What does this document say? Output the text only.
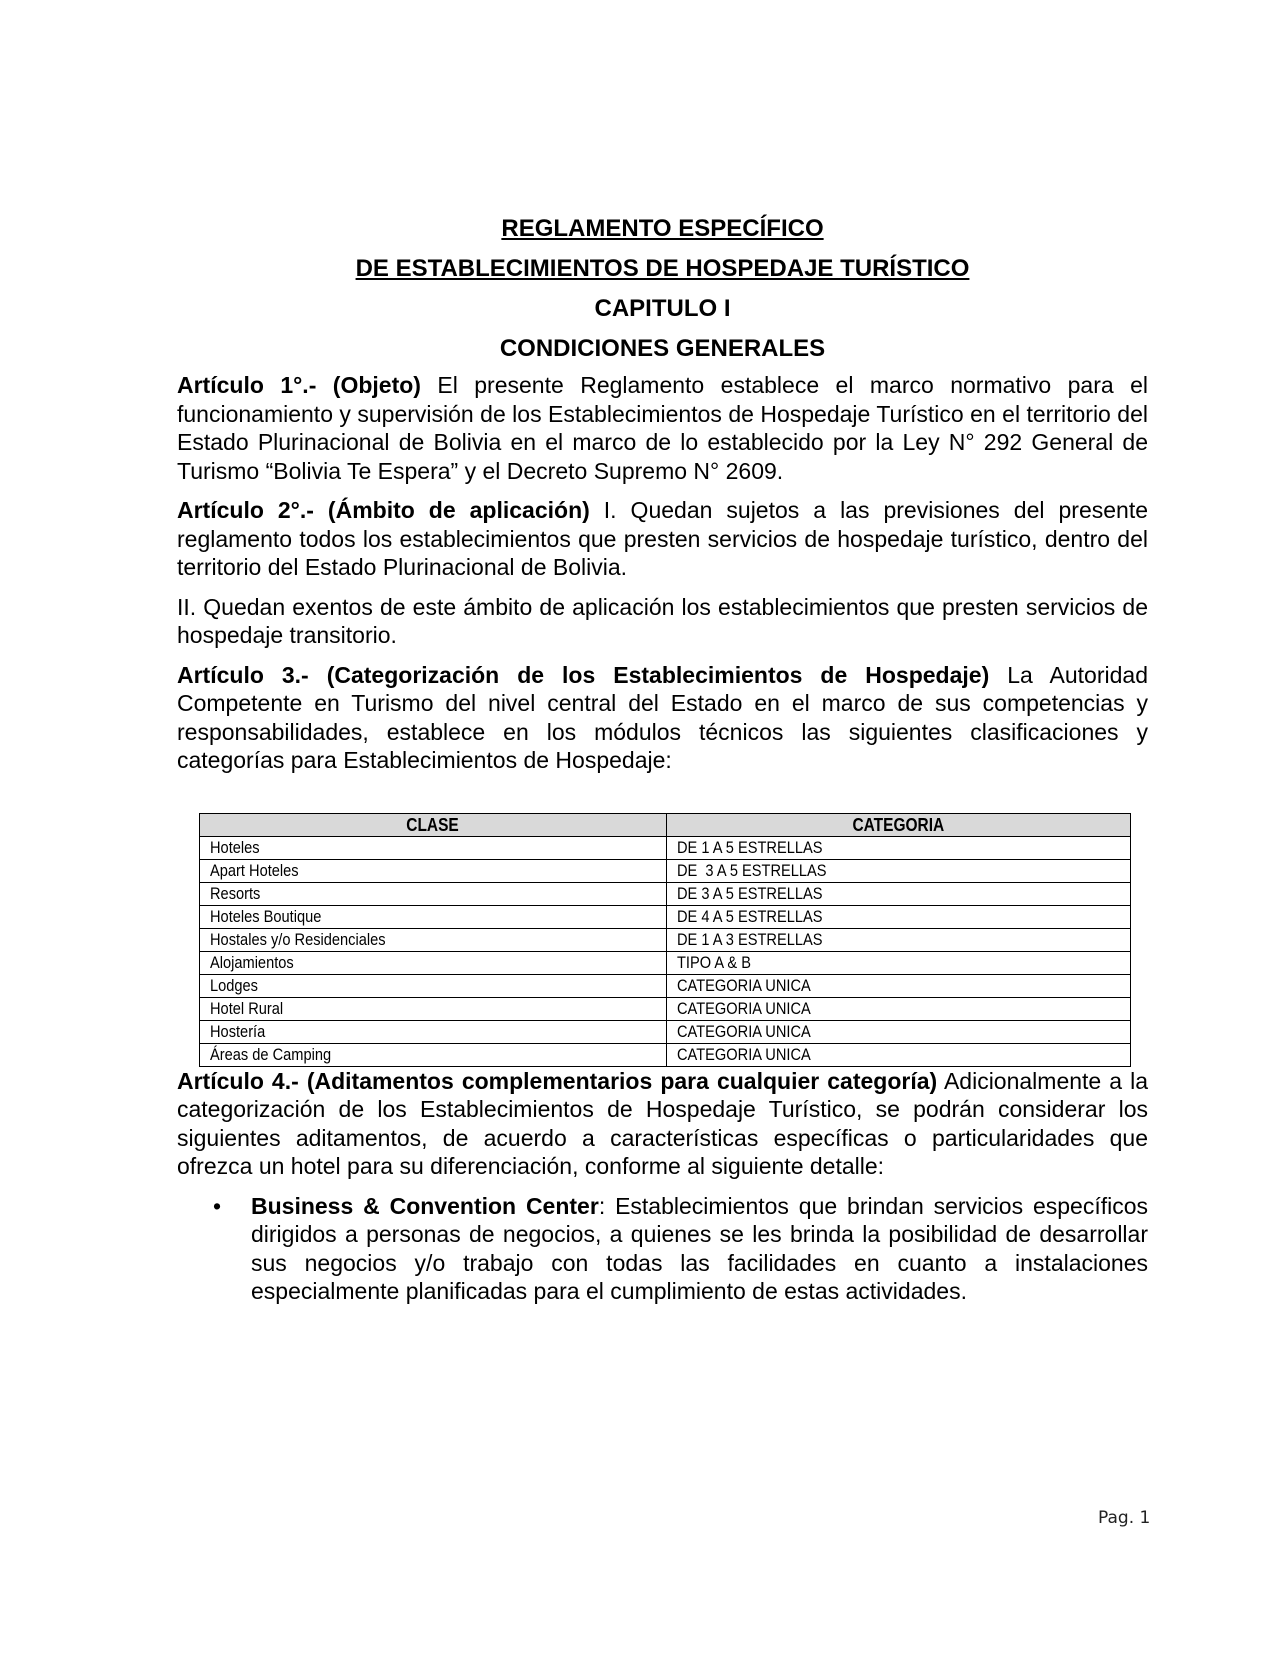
REGLAMENTO ESPECÍFICO
DE ESTABLECIMIENTOS DE HOSPEDAJE TURÍSTICO
CAPITULO I
CONDICIONES GENERALES

Artículo 1°.- (Objeto) El presente Reglamento establece el marco normativo para el funcionamiento y supervisión de los Establecimientos de Hospedaje Turístico en el territorio del Estado Plurinacional de Bolivia en el marco de lo establecido por la Ley N° 292 General de Turismo “Bolivia Te Espera” y el Decreto Supremo N° 2609.

Artículo 2°.- (Ámbito de aplicación) I. Quedan sujetos a las previsiones del presente reglamento todos los establecimientos que presten servicios de hospedaje turístico, dentro del territorio del Estado Plurinacional de Bolivia.

II. Quedan exentos de este ámbito de aplicación los establecimientos que presten servicios de hospedaje transitorio.

Artículo 3.- (Categorización de los Establecimientos de Hospedaje) La Autoridad Competente en Turismo del nivel central del Estado en el marco de sus competencias y responsabilidades, establece en los módulos técnicos las siguientes clasificaciones y categorías para Establecimientos de Hospedaje:

CLASE	CATEGORIA
Hoteles	DE 1 A 5 ESTRELLAS
Apart Hoteles	DE  3 A 5 ESTRELLAS
Resorts	DE 3 A 5 ESTRELLAS
Hoteles Boutique	DE 4 A 5 ESTRELLAS
Hostales y/o Residenciales	DE 1 A 3 ESTRELLAS
Alojamientos	TIPO A & B
Lodges	CATEGORIA UNICA
Hotel Rural	CATEGORIA UNICA
Hostería	CATEGORIA UNICA
Áreas de Camping	CATEGORIA UNICA

Artículo 4.- (Aditamentos complementarios para cualquier categoría) Adicionalmente a la categorización de los Establecimientos de Hospedaje Turístico, se podrán considerar los siguientes aditamentos, de acuerdo a características específicas o particularidades que ofrezca un hotel para su diferenciación, conforme al siguiente detalle:

• Business & Convention Center: Establecimientos que brindan servicios específicos dirigidos a personas de negocios, a quienes se les brinda la posibilidad de desarrollar sus negocios y/o trabajo con todas las facilidades en cuanto a instalaciones especialmente planificadas para el cumplimiento de estas actividades.
Pag. 1
